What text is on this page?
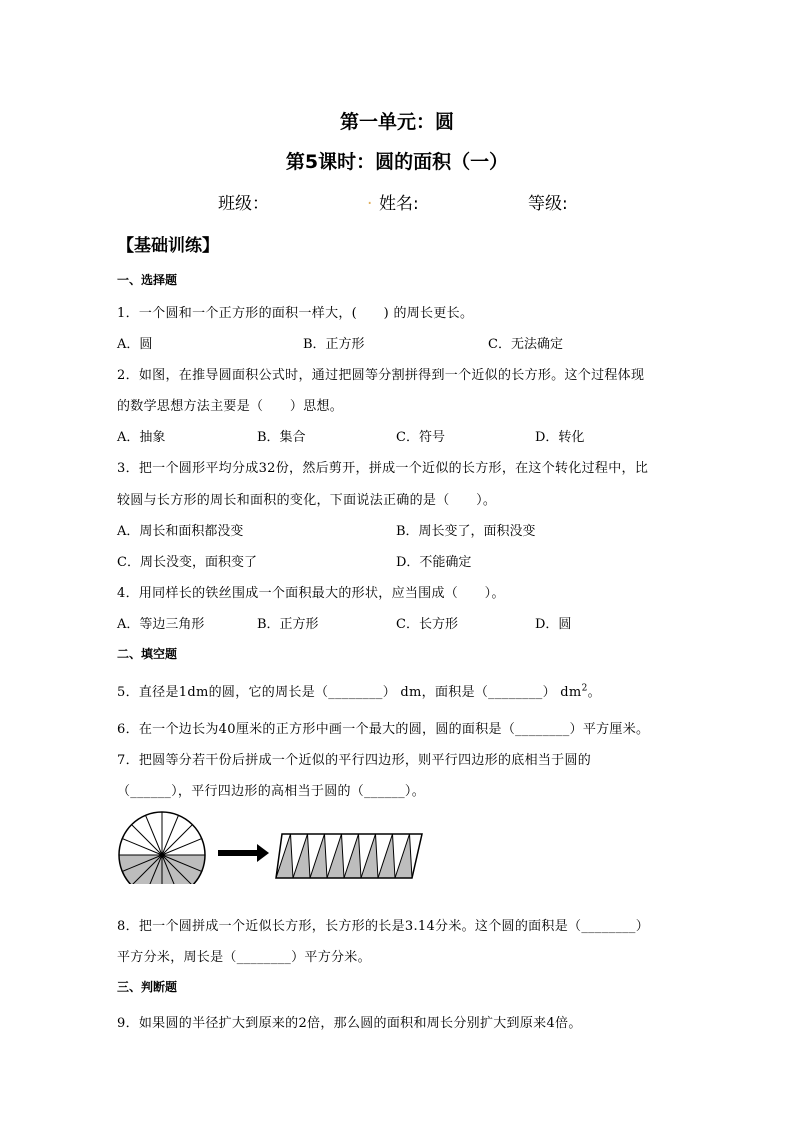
第一单元：圆
第5课时：圆的面积（一）
班级：	. 姓名:	等级:
【基础训练】
一、选择题
1．一个圆和一个正方形的面积一样大，(　　) 的周长更长。
A．圆	B．正方形	C．无法确定
2．如图，在推导圆面积公式时，通过把圆等分割拼得到一个近似的长方形。这个过程体现
的数学思想方法主要是（　　）思想。
A．抽象	B．集合	C．符号	D．转化
3．把一个圆形平均分成32份，然后剪开，拼成一个近似的长方形，在这个转化过程中，比
较圆与长方形的周长和面积的变化，下面说法正确的是（　　）。
A．周长和面积都没变	B．周长变了，面积没变
C．周长没变，面积变了	D．不能确定
4．用同样长的铁丝围成一个面积最大的形状，应当围成（　　）。
A．等边三角形	B．正方形	C．长方形	D．圆
二、填空题
5．直径是1dm的圆，它的周长是（________） dm，面积是（________） $dm^2$。
6．在一个边长为40厘米的正方形中画一个最大的圆，圆的面积是（________）平方厘米。
7．把圆等分若干份后拼成一个近似的平行四边形，则平行四边形的底相当于圆的
（______），平行四边形的高相当于圆的（______）。
8．把一个圆拼成一个近似长方形，长方形的长是3.14分米。这个圆的面积是（________）
平方分米，周长是（________）平方分米。
三、判断题
9．如果圆的半径扩大到原来的2倍，那么圆的面积和周长分别扩大到原来4倍。
